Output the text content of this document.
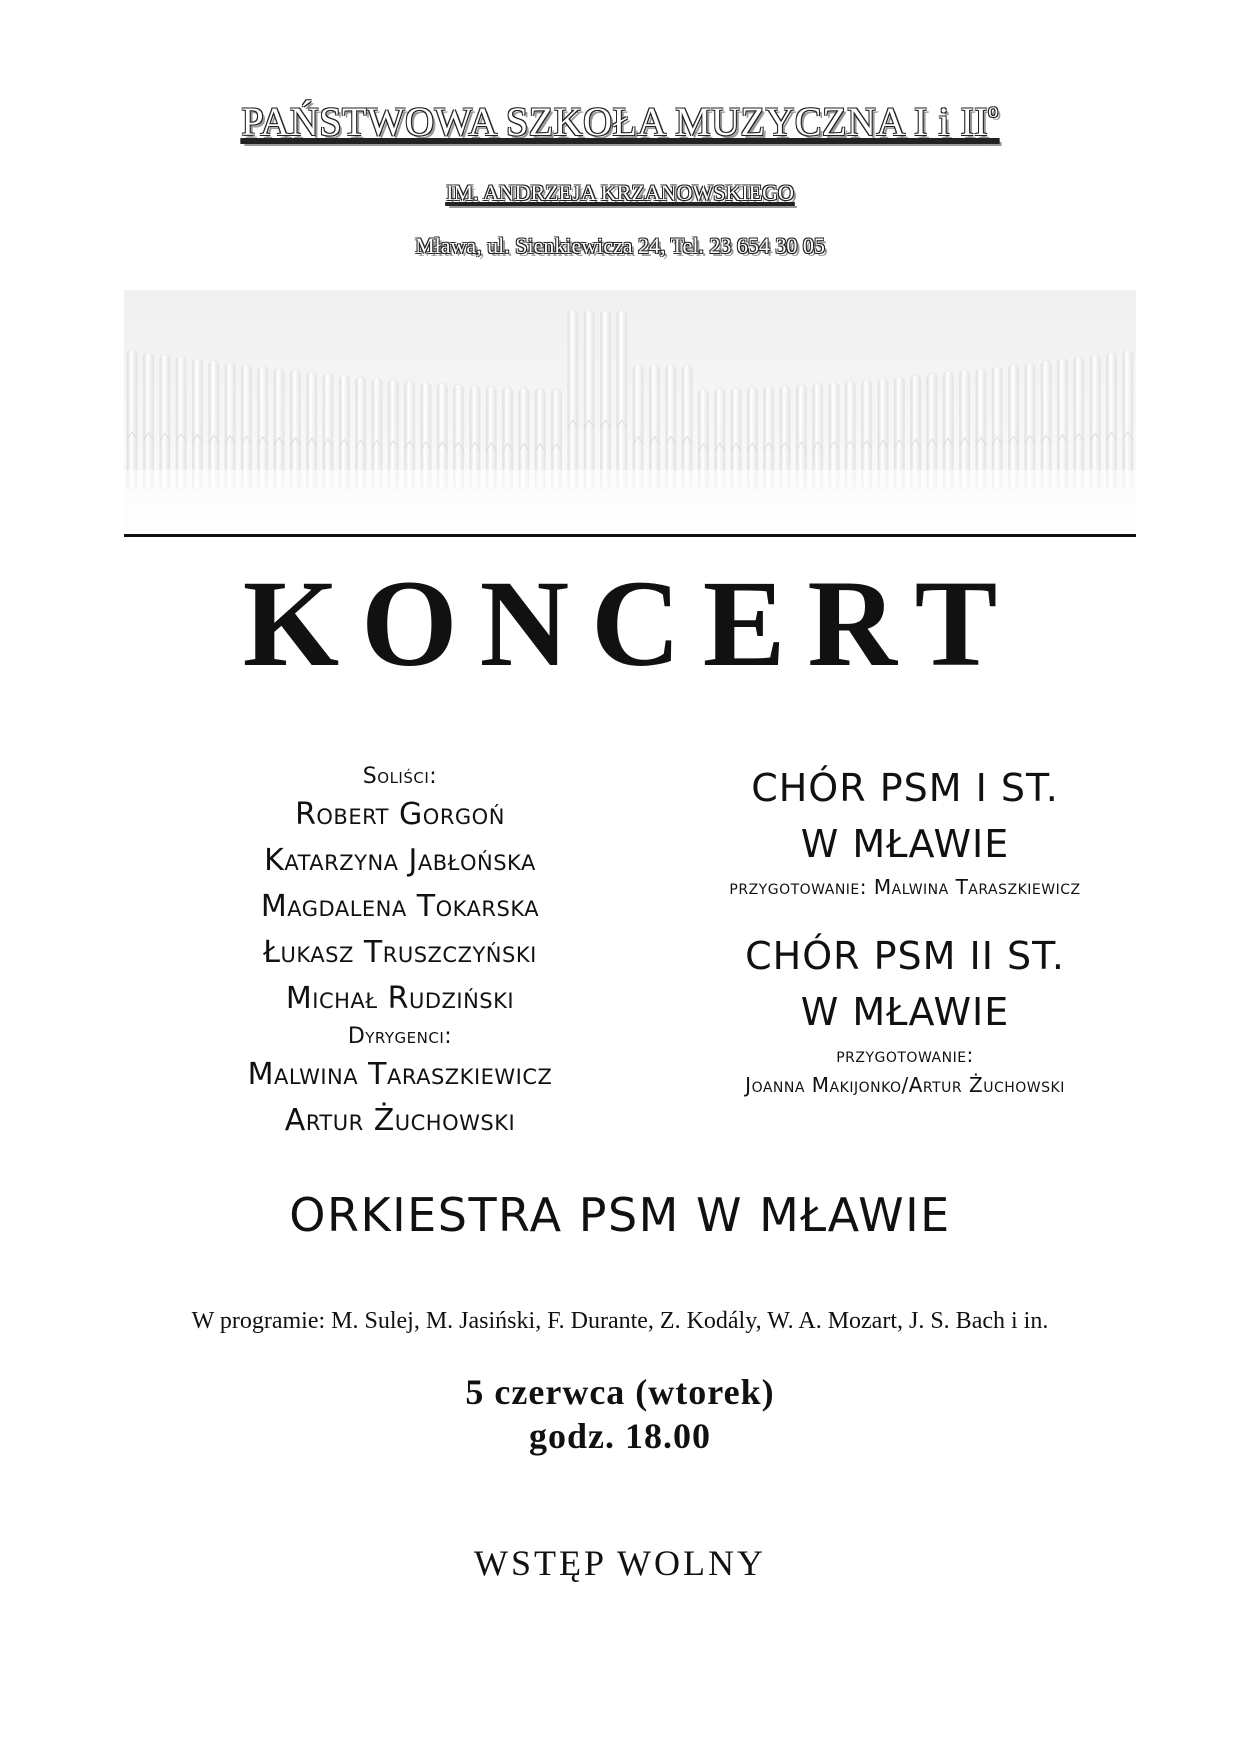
PAŃSTWOWA SZKOŁA MUZYCZNA I i $II^o$
IM. ANDRZEJA KRZANOWSKIEGO
Mława, ul. Sienkiewicza 24, Tel. 23 654 30 05
KONCERT
Soliści:
Robert Gorgoń
Katarzyna Jabłońska
Magdalena Tokarska
Łukasz Truszczyński
Michał Rudziński
Dyrygenci:
Malwina Taraszkiewicz
Artur Żuchowski
CHÓR PSM I ST.
W MŁAWIE
przygotowanie: Malwina Taraszkiewicz
CHÓR PSM II ST.
W MŁAWIE
przygotowanie:
Joanna Makijonko/Artur Żuchowski
ORKIESTRA PSM W MŁAWIE
W programie: M. Sulej, M. Jasiński, F. Durante, Z. Kodály, W. A. Mozart, J. S. Bach i in.
5 czerwca (wtorek)
godz. 18.00
WSTĘP WOLNY
